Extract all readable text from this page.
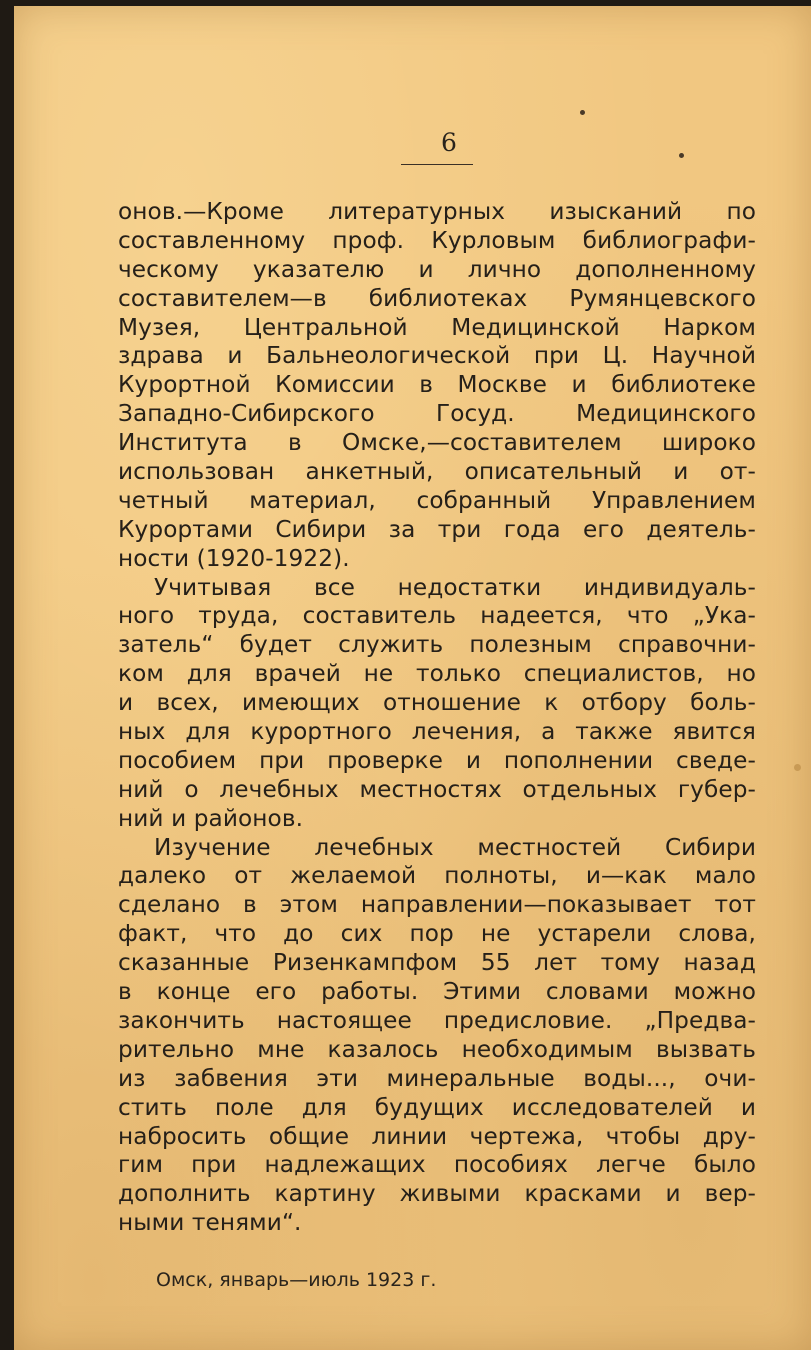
6
онов.—Кроме литературных изысканий по
составленному проф. Курловым библиографи-
ческому указателю и лично дополненному
составителем—в библиотеках Румянцевского
Музея, Центральной Медицинской Нарком
здрава и Бальнеологической при Ц. Научной
Курортной Комиссии в Москве и библиотеке
Западно-Сибирского Госуд. Медицинского
Института в Омске,—составителем широко
использован анкетный, описательный и от-
четный материал, собранный Управлением
Курортами Сибири за три года его деятель-
ности (1920-1922).
Учитывая все недостатки индивидуаль-
ного труда, составитель надеется, что „Ука-
затель“ будет служить полезным справочни-
ком для врачей не только специалистов, но
и всех, имеющих отношение к отбору боль-
ных для курортного лечения, а также явится
пособием при проверке и пополнении сведе-
ний о лечебных местностях отдельных губер-
ний и районов.
Изучение лечебных местностей Сибири
далеко от желаемой полноты, и—как мало
сделано в этом направлении—показывает тот
факт, что до сих пор не устарели слова,
сказанные Ризенкампфом 55 лет тому назад
в конце его работы. Этими словами можно
закончить настоящее предисловие. „Предва-
рительно мне казалось необходимым вызвать
из забвения эти минеральные воды..., очи-
стить поле для будущих исследователей и
набросить общие линии чертежа, чтобы дру-
гим при надлежащих пособиях легче было
дополнить картину живыми красками и вер-
ными тенями“.
Омск, январь—июль 1923 г.
